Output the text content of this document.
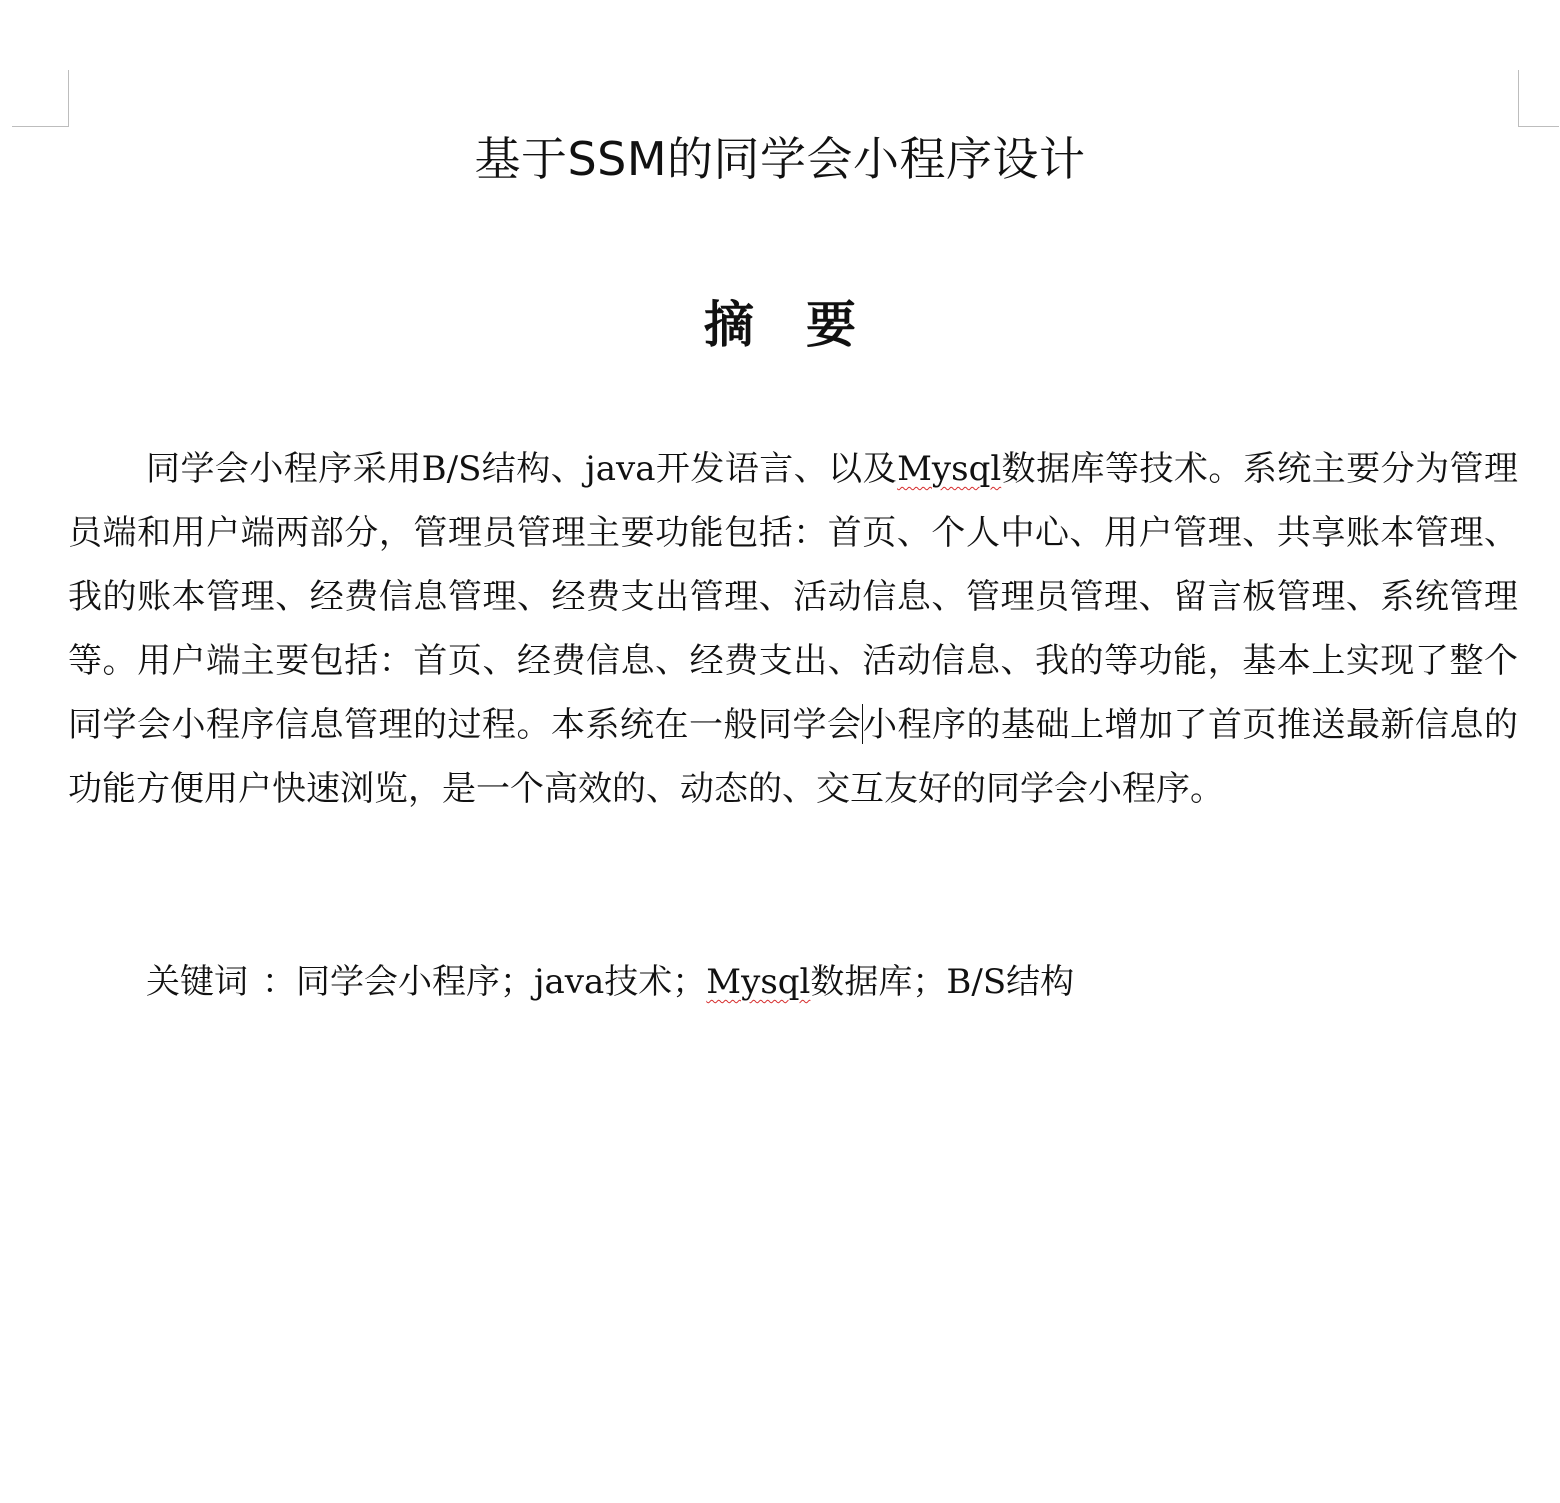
基于SSM的同学会小程序设计
摘要

同学会小程序采用B/S结构、java开发语言、以及Mysql数据库等技术。系统主要分为管理员端和用户端两部分，管理员管理主要功能包括：首页、个人中心、用户管理、共享账本管理、我的账本管理、经费信息管理、经费支出管理、活动信息、管理员管理、留言板管理、系统管理等。用户端主要包括：首页、经费信息、经费支出、活动信息、我的等功能，基本上实现了整个同学会小程序信息管理的过程。本系统在一般同学会小程序的基础上增加了首页推送最新信息的功能方便用户快速浏览，是一个高效的、动态的、交互友好的同学会小程序。

关键词 ：同学会小程序；java技术；Mysql数据库；B/S结构
